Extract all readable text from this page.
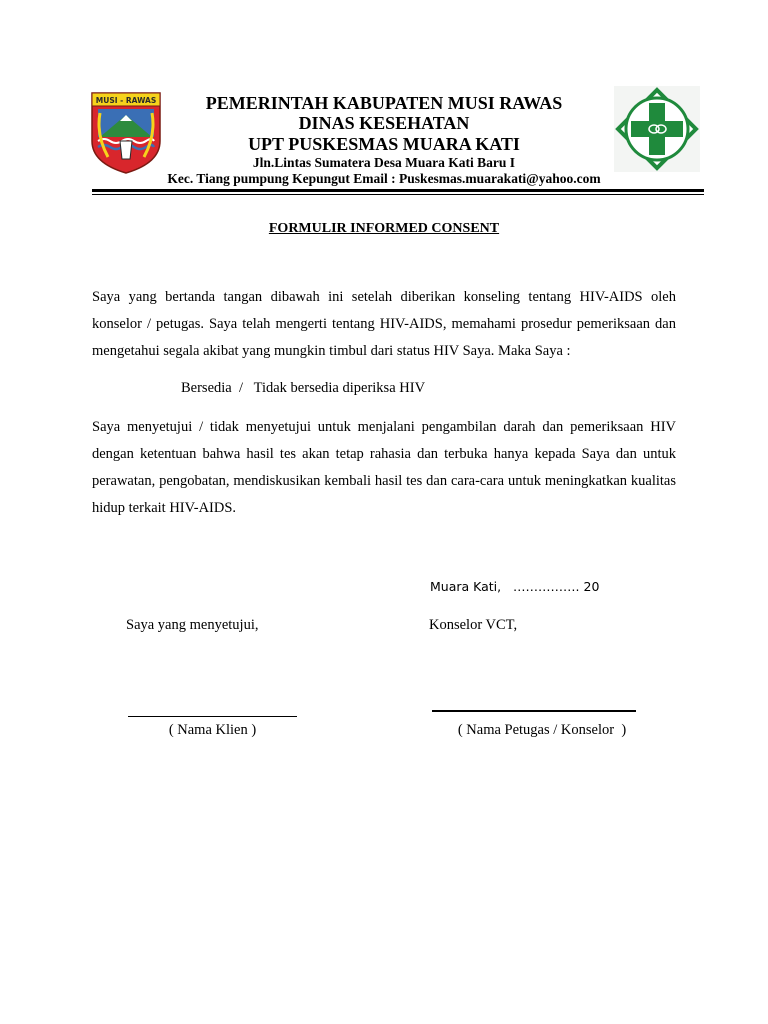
MUSI - RAWAS	PEMERINTAH KABUPATEN MUSI RAWAS
DINAS KESEHATAN
UPT PUSKESMAS MUARA KATI
Jln.Lintas Sumatera Desa Muara Kati Baru I
Kec. Tiang pumpung Kepungut Email : Puskesmas.muarakati@yahoo.com
FORMULIR INFORMED CONSENT
Saya yang bertanda tangan dibawah ini setelah diberikan konseling tentang HIV-AIDS oleh konselor / petugas. Saya telah mengerti tentang HIV-AIDS, memahami prosedur pemeriksaan dan mengetahui segala akibat yang mungkin timbul dari status HIV Saya. Maka Saya :
Bersedia  /   Tidak bersedia diperiksa HIV
Saya menyetujui / tidak menyetujui untuk menjalani pengambilan darah dan pemeriksaan HIV dengan ketentuan bahwa hasil tes akan tetap rahasia dan terbuka hanya kepada Saya dan untuk perawatan, pengobatan, mendiskusikan kembali hasil tes dan cara-cara untuk meningkatkan kualitas hidup terkait HIV-AIDS.
Muara Kati,   ……………. 20
Saya yang menyetujui,	Konselor VCT,
( Nama Klien )	( Nama Petugas / Konselor  )
